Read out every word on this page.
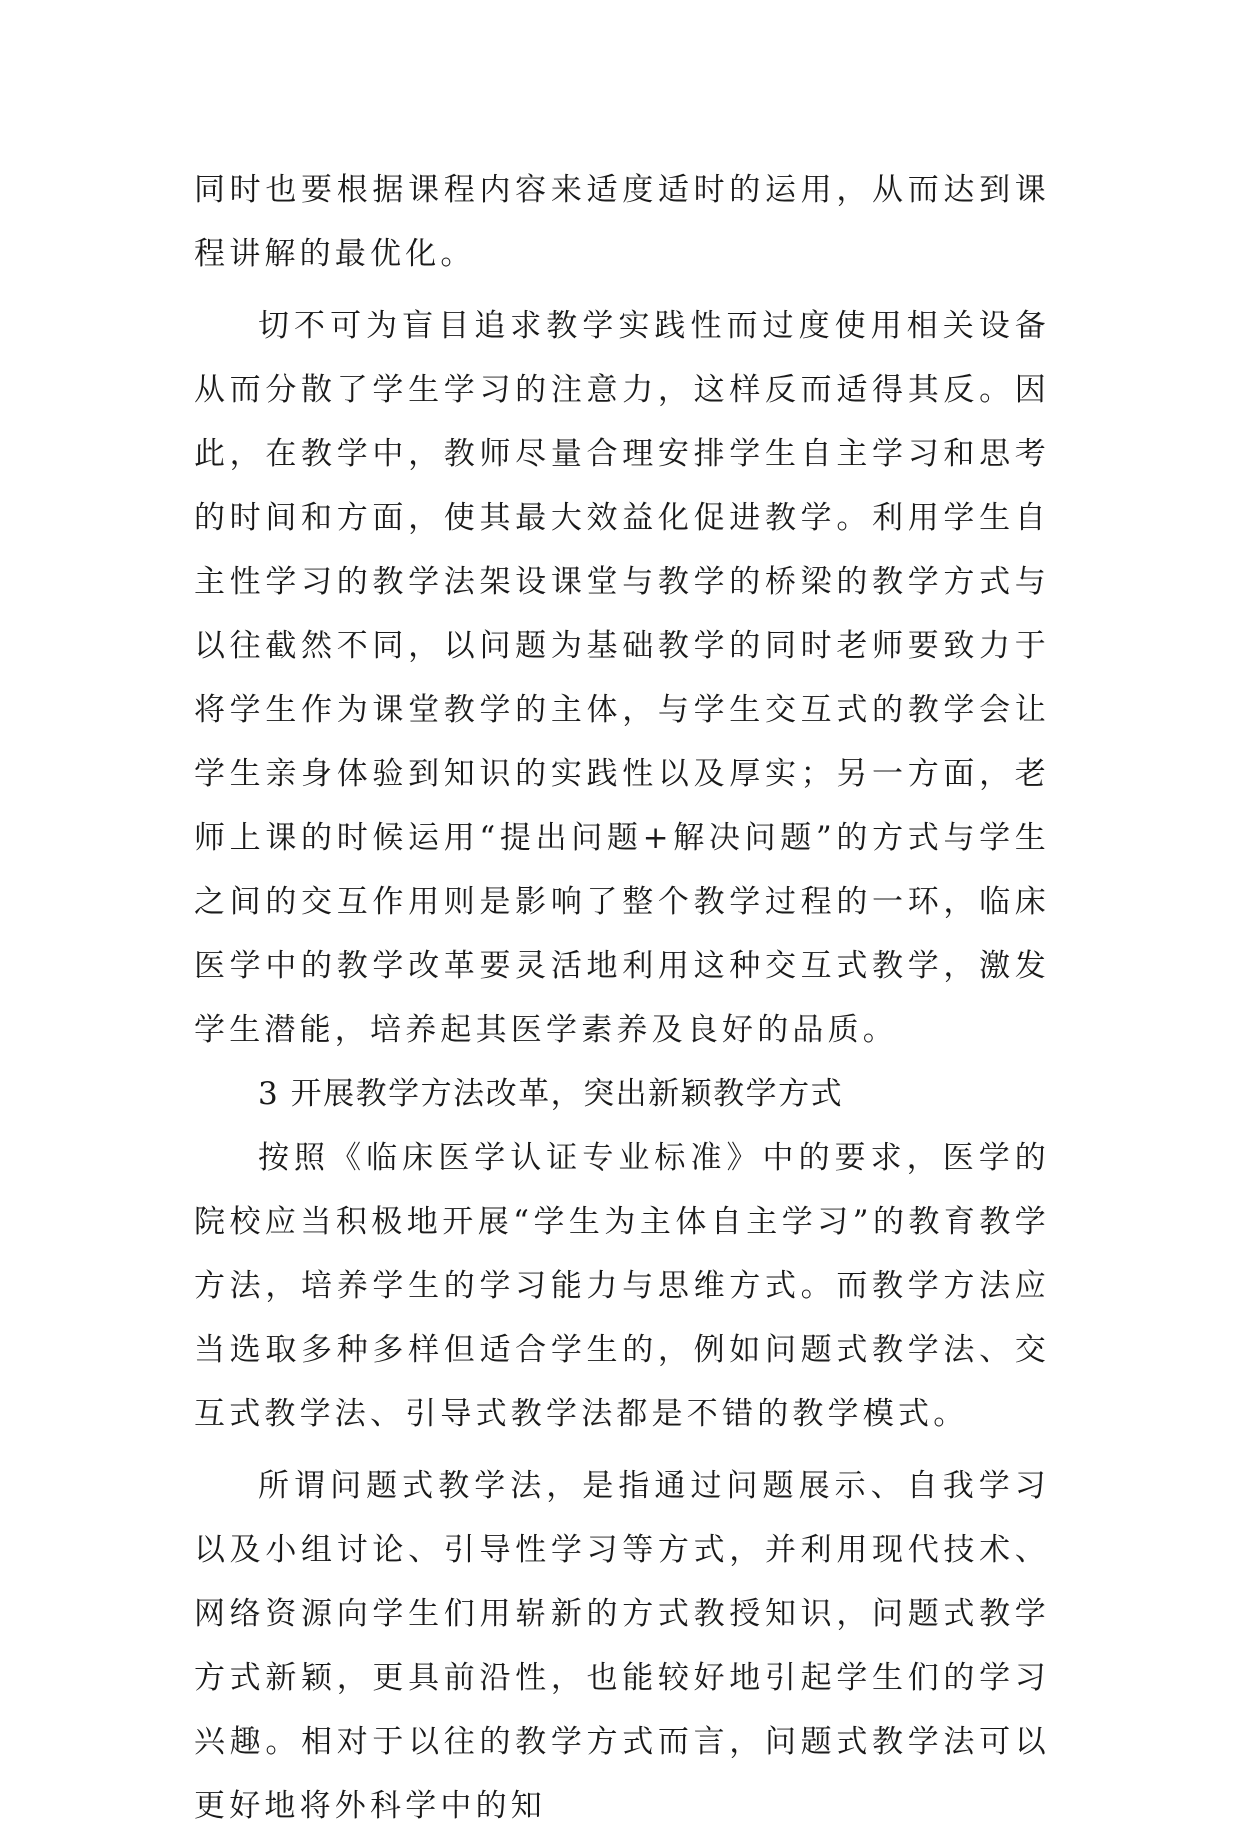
同时也要根据课程内容来适度适时的运用，从而达到课程讲解的最优化。

切不可为盲目追求教学实践性而过度使用相关设备从而分散了学生学习的注意力，这样反而适得其反。因此，在教学中，教师尽量合理安排学生自主学习和思考的时间和方面，使其最大效益化促进教学。利用学生自主性学习的教学法架设课堂与教学的桥梁的教学方式与以往截然不同，以问题为基础教学的同时老师要致力于将学生作为课堂教学的主体，与学生交互式的教学会让学生亲身体验到知识的实践性以及厚实；另一方面，老师上课的时候运用“提出问题+解决问题”的方式与学生之间的交互作用则是影响了整个教学过程的一环，临床医学中的教学改革要灵活地利用这种交互式教学，激发学生潜能，培养起其医学素养及良好的品质。

3 开展教学方法改革，突出新颖教学方式

按照《临床医学认证专业标准》中的要求，医学的院校应当积极地开展“学生为主体自主学习”的教育教学方法，培养学生的学习能力与思维方式。而教学方法应当选取多种多样但适合学生的，例如问题式教学法、交互式教学法、引导式教学法都是不错的教学模式。

所谓问题式教学法，是指通过问题展示、自我学习以及小组讨论、引导性学习等方式，并利用现代技术、网络资源向学生们用崭新的方式教授知识，问题式教学方式新颖，更具前沿性，也能较好地引起学生们的学习兴趣。相对于以往的教学方式而言，问题式教学法可以更好地将外科学中的知
